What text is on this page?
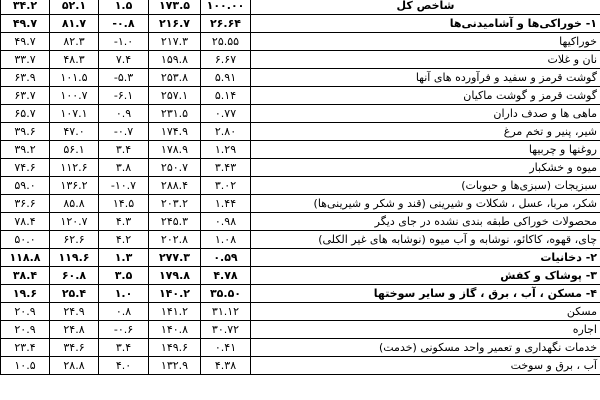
۳۴.۲	۵۲.۱	۱.۵	۱۷۳.۵	۱۰۰.۰۰	شاخص کل
۴۹.۷	۸۱.۷	-۰.۸	۲۱۶.۷	۲۶.۶۴	۱- خوراکی‌ها و آشامیدنی‌ها
۴۹.۷	۸۲.۳	-۱.۰	۲۱۷.۳	۲۵.۵۵	خوراکیها
۳۳.۷	۴۸.۳	۷.۴	۱۵۹.۸	۶.۶۷	نان و غلات
۶۳.۹	۱۰۱.۵	-۵.۳	۲۵۳.۸	۵.۹۱	گوشت قرمز و سفید و فرآورده های آنها
۶۳.۷	۱۰۰.۷	-۶.۱	۲۵۷.۱	۵.۱۴	گوشت قرمز و گوشت ماکیان
۶۵.۷	۱۰۷.۱	۰.۹	۲۳۱.۵	۰.۷۷	ماهی ها و صدف داران
۳۹.۶	۴۷.۰	-۰.۷	۱۷۴.۹	۲.۸۰	شیر، پنیر و تخم مرغ
۳۹.۲	۵۶.۱	۳.۴	۱۷۸.۹	۱.۲۹	روغنها و چربیها
۷۴.۶	۱۱۲.۶	۳.۸	۲۵۰.۷	۳.۴۳	میوه و خشکبار
۵۹.۰	۱۳۶.۲	-۱۰.۷	۲۸۸.۴	۳.۰۲	سبزیجات (سبزی‌ها و حبوبات)
۳۶.۶	۸۵.۸	۱۴.۵	۲۰۳.۲	۱.۴۴	شکر، مربا، عسل ، شکلات و شیرینی (قند و شکر و شیرینی‌ها)
۷۸.۴	۱۲۰.۷	۴.۳	۲۴۵.۳	۰.۹۸	محصولات خوراکی طبقه بندی نشده در جای دیگر
۵۰.۰	۶۲.۶	۴.۲	۲۰۲.۸	۱.۰۸	چای، قهوه، کاکائو، نوشابه و آب میوه (نوشابه های غیر الکلی)
۱۱۸.۸	۱۱۹.۶	۱.۳	۲۷۷.۳	۰.۵۹	۲- دخانیات
۳۸.۴	۶۰.۸	۳.۵	۱۷۹.۸	۴.۷۸	۳- پوشاک و کفش
۱۹.۶	۲۵.۴	۱.۰	۱۴۰.۲	۳۵.۵۰	۴- مسکن ، آب ، برق ، گاز و سایر سوختها
۲۰.۹	۲۴.۹	۰.۸	۱۴۱.۲	۳۱.۱۲	مسکن
۲۰.۹	۲۴.۸	-۰.۶	۱۴۰.۸	۳۰.۷۲	اجاره
۲۳.۴	۳۴.۶	۳.۴	۱۴۹.۶	۰.۴۱	خدمات نگهداری و تعمیر واحد مسکونی (خدمت)
۱۰.۵	۲۸.۸	۴.۰	۱۳۲.۹	۴.۳۸	آب ، برق و سوخت
